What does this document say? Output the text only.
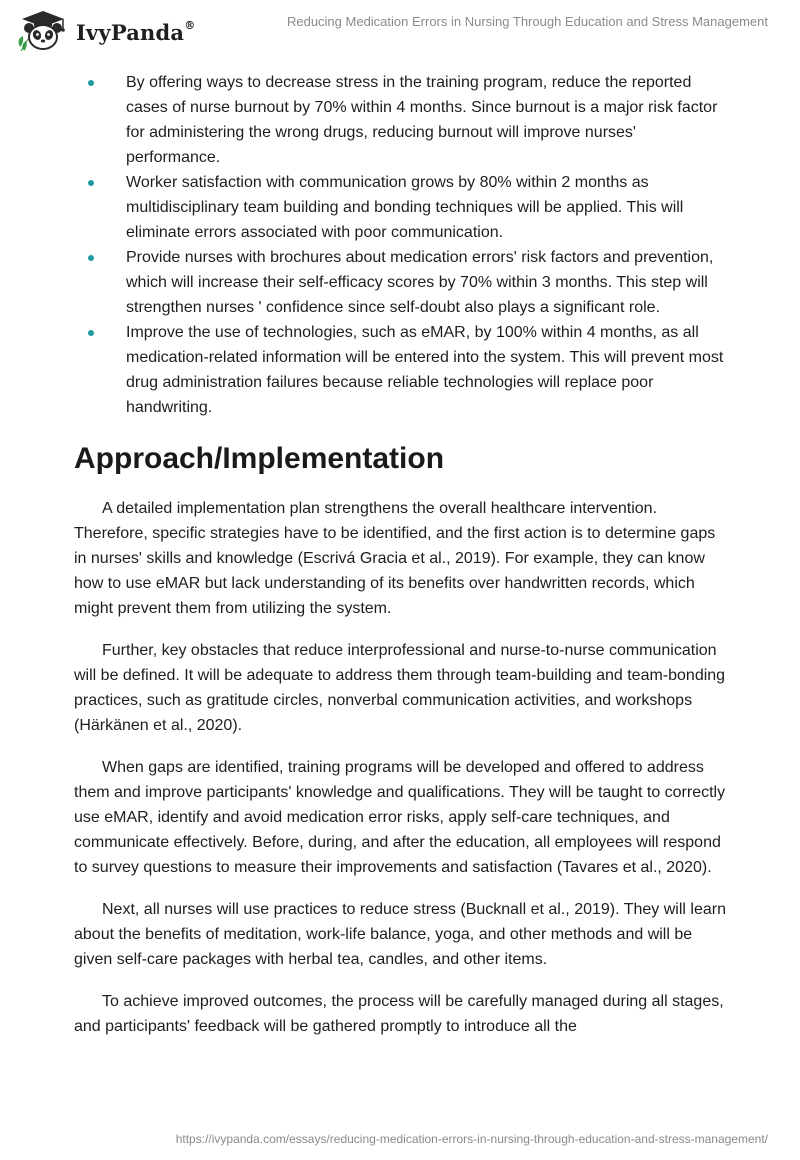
IvyPanda®	Reducing Medication Errors in Nursing Through Education and Stress Management
By offering ways to decrease stress in the training program, reduce the reported cases of nurse burnout by 70% within 4 months. Since burnout is a major risk factor for administering the wrong drugs, reducing burnout will improve nurses' performance.
Worker satisfaction with communication grows by 80% within 2 months as multidisciplinary team building and bonding techniques will be applied. This will eliminate errors associated with poor communication.
Provide nurses with brochures about medication errors' risk factors and prevention, which will increase their self-efficacy scores by 70% within 3 months. This step will strengthen nurses ' confidence since self-doubt also plays a significant role.
Improve the use of technologies, such as eMAR, by 100% within 4 months, as all medication-related information will be entered into the system. This will prevent most drug administration failures because reliable technologies will replace poor handwriting.
Approach/Implementation

A detailed implementation plan strengthens the overall healthcare intervention. Therefore, specific strategies have to be identified, and the first action is to determine gaps in nurses' skills and knowledge (Escrivá Gracia et al., 2019). For example, they can know how to use eMAR but lack understanding of its benefits over handwritten records, which might prevent them from utilizing the system.

Further, key obstacles that reduce interprofessional and nurse-to-nurse communication will be defined. It will be adequate to address them through team-building and team-bonding practices, such as gratitude circles, nonverbal communication activities, and workshops (Härkänen et al., 2020).

When gaps are identified, training programs will be developed and offered to address them and improve participants' knowledge and qualifications. They will be taught to correctly use eMAR, identify and avoid medication error risks, apply self-care techniques, and communicate effectively. Before, during, and after the education, all employees will respond to survey questions to measure their improvements and satisfaction (Tavares et al., 2020).

Next, all nurses will use practices to reduce stress (Bucknall et al., 2019). They will learn about the benefits of meditation, work-life balance, yoga, and other methods and will be given self-care packages with herbal tea, candles, and other items.

To achieve improved outcomes, the process will be carefully managed during all stages, and participants' feedback will be gathered promptly to introduce all the

https://ivypanda.com/essays/reducing-medication-errors-in-nursing-through-education-and-stress-management/
